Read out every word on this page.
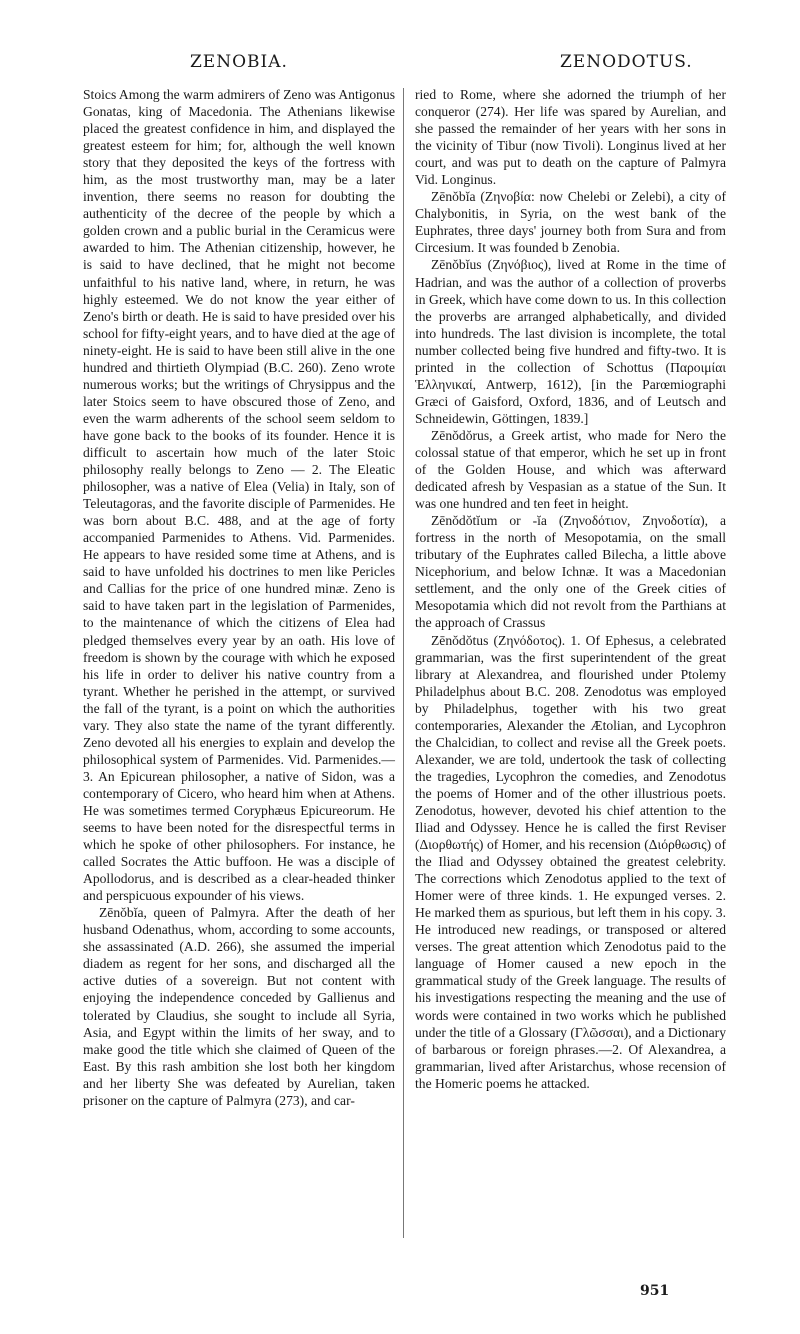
ZENOBIA.	ZENODOTUS.

Stoics Among the warm admirers of Zeno was Antigonus Gonatas, king of Macedonia. The Athenians likewise placed the greatest confidence in him, and displayed the greatest esteem for him; for, although the well known story that they deposited the keys of the fortress with him, as the most trustworthy man, may be a later invention, there seems no reason for doubting the authenticity of the decree of the people by which a golden crown and a public burial in the Ceramicus were awarded to him. The Athenian citizenship, however, he is said to have declined, that he might not become unfaithful to his native land, where, in return, he was highly esteemed. We do not know the year either of Zeno's birth or death. He is said to have presided over his school for fifty-eight years, and to have died at the age of ninety-eight. He is said to have been still alive in the one hundred and thirtieth Olympiad (B.C. 260). Zeno wrote numerous works; but the writings of Chrysippus and the later Stoics seem to have obscured those of Zeno, and even the warm adherents of the school seem seldom to have gone back to the books of its founder. Hence it is difficult to ascertain how much of the later Stoic philosophy really belongs to Zeno — 2. The Eleatic philosopher, was a native of Elea (Velia) in Italy, son of Teleutagoras, and the favorite disciple of Parmenides. He was born about B.C. 488, and at the age of forty accompanied Parmenides to Athens. Vid. Parmenides. He appears to have resided some time at Athens, and is said to have unfolded his doctrines to men like Pericles and Callias for the price of one hundred minæ. Zeno is said to have taken part in the legislation of Parmenides, to the maintenance of which the citizens of Elea had pledged themselves every year by an oath. His love of freedom is shown by the courage with which he exposed his life in order to deliver his native country from a tyrant. Whether he perished in the attempt, or survived the fall of the tyrant, is a point on which the authorities vary. They also state the name of the tyrant differently. Zeno devoted all his energies to explain and develop the philosophical system of Parmenides. Vid. Parmenides.—3. An Epicurean philosopher, a native of Sidon, was a contemporary of Cicero, who heard him when at Athens. He was sometimes termed Coryphæus Epicureorum. He seems to have been noted for the disrespectful terms in which he spoke of other philosophers. For instance, he called Socrates the Attic buffoon. He was a disciple of Apollodorus, and is described as a clear-headed thinker and perspicuous expounder of his views.

Zēnŏbĭa, queen of Palmyra. After the death of her husband Odenathus, whom, according to some accounts, she assassinated (A.D. 266), she assumed the imperial diadem as regent for her sons, and discharged all the active duties of a sovereign. But not content with enjoying the independence conceded by Gallienus and tolerated by Claudius, she sought to include all Syria, Asia, and Egypt within the limits of her sway, and to make good the title which she claimed of Queen of the East. By this rash ambition she lost both her kingdom and her liberty She was defeated by Aurelian, taken prisoner on the capture of Palmyra (273), and car-

ried to Rome, where she adorned the triumph of her conqueror (274). Her life was spared by Aurelian, and she passed the remainder of her years with her sons in the vicinity of Tibur (now Tivoli). Longinus lived at her court, and was put to death on the capture of Palmyra Vid. Longinus.

Zēnŏbĭa (Ζηνοβία: now Chelebi or Zelebi), a city of Chalybonitis, in Syria, on the west bank of the Euphrates, three days' journey both from Sura and from Circesium. It was founded b Zenobia.

Zēnŏbĭus (Ζηνόβιος), lived at Rome in the time of Hadrian, and was the author of a collection of proverbs in Greek, which have come down to us. In this collection the proverbs are arranged alphabetically, and divided into hundreds. The last division is incomplete, the total number collected being five hundred and fifty-two. It is printed in the collection of Schottus (Παροιμίαι Ἑλληνικαί, Antwerp, 1612), [in the Parœmiographi Græci of Gaisford, Oxford, 1836, and of Leutsch and Schneidewin, Göttingen, 1839.]

Zēnŏdŏrus, a Greek artist, who made for Nero the colossal statue of that emperor, which he set up in front of the Golden House, and which was afterward dedicated afresh by Vespasian as a statue of the Sun. It was one hundred and ten feet in height.

Zēnŏdŏtĭum or -ĭa (Ζηνοδότιον, Ζηνοδοτία), a fortress in the north of Mesopotamia, on the small tributary of the Euphrates called Bilecha, a little above Nicephorium, and below Ichnæ. It was a Macedonian settlement, and the only one of the Greek cities of Mesopotamia which did not revolt from the Parthians at the approach of Crassus

Zēnŏdŏtus (Ζηνόδοτος). 1. Of Ephesus, a celebrated grammarian, was the first superintendent of the great library at Alexandrea, and flourished under Ptolemy Philadelphus about B.C. 208. Zenodotus was employed by Philadelphus, together with his two great contemporaries, Alexander the Ætolian, and Lycophron the Chalcidian, to collect and revise all the Greek poets. Alexander, we are told, undertook the task of collecting the tragedies, Lycophron the comedies, and Zenodotus the poems of Homer and of the other illustrious poets. Zenodotus, however, devoted his chief attention to the Iliad and Odyssey. Hence he is called the first Reviser (Διορθωτής) of Homer, and his recension (Διόρθωσις) of the Iliad and Odyssey obtained the greatest celebrity. The corrections which Zenodotus applied to the text of Homer were of three kinds. 1. He expunged verses. 2. He marked them as spurious, but left them in his copy. 3. He introduced new readings, or transposed or altered verses. The great attention which Zenodotus paid to the language of Homer caused a new epoch in the grammatical study of the Greek language. The results of his investigations respecting the meaning and the use of words were contained in two works which he published under the title of a Glossary (Γλῶσσαι), and a Dictionary of barbarous or foreign phrases.—2. Of Alexandrea, a grammarian, lived after Aristarchus, whose recension of the Homeric poems he attacked.

951
